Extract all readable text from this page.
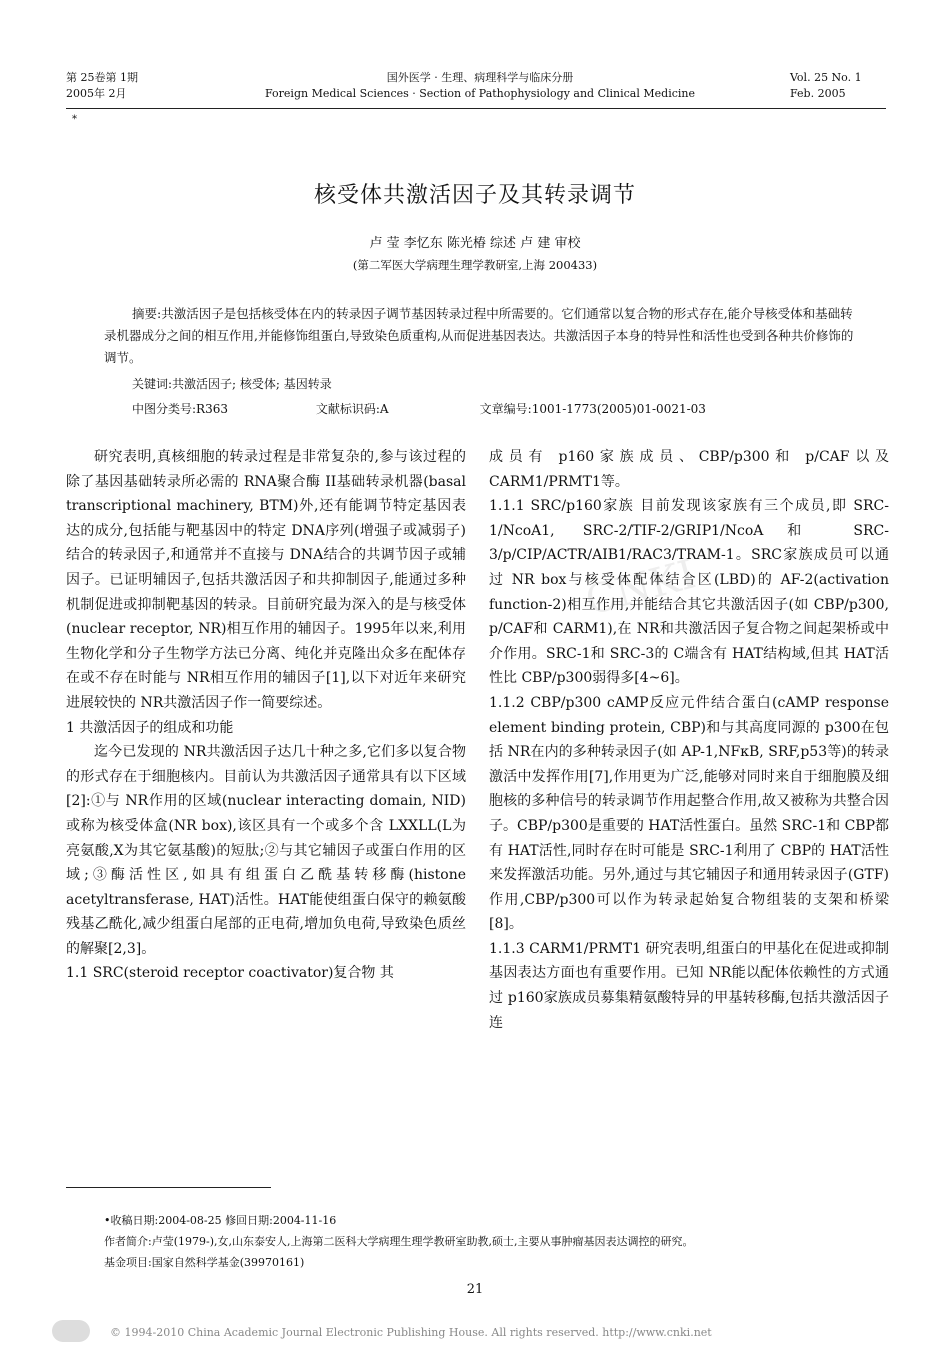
第 25卷第 1期
2005年 2月
国外医学 · 生理、病理科学与临床分册
Foreign Medical Sciences · Section of Pathophysiology and Clinical Medicine
Vol. 25 No. 1
Feb. 2005
*
CNKI
核受体共激活因子及其转录调节
卢 莹 李忆东 陈光椿 综述 卢 建 审校
(第二军医大学病理生理学教研室,上海 200433)

摘要:共激活因子是包括核受体在内的转录因子调节基因转录过程中所需要的。它们通常以复合物的形式存在,能介导核受体和基础转录机器成分之间的相互作用,并能修饰组蛋白,导致染色质重构,从而促进基因表达。共激活因子本身的特异性和活性也受到各种共价修饰的调节。

关键词:共激活因子; 核受体; 基因转录
中图分类号:R363	文献标识码:A	文章编号:1001-1773(2005)01-0021-03

研究表明,真核细胞的转录过程是非常复杂的,参与该过程的除了基因基础转录所必需的 RNA聚合酶 II基础转录机器(basal transcriptional machinery, BTM)外,还有能调节特定基因表达的成分,包括能与靶基因中的特定 DNA序列(增强子或减弱子)结合的转录因子,和通常并不直接与 DNA结合的共调节因子或辅因子。已证明辅因子,包括共激活因子和共抑制因子,能通过多种机制促进或抑制靶基因的转录。目前研究最为深入的是与核受体(nuclear receptor, NR)相互作用的辅因子。1995年以来,利用生物化学和分子生物学方法已分离、纯化并克隆出众多在配体存在或不存在时能与 NR相互作用的辅因子[1],以下对近年来研究进展较快的 NR共激活因子作一简要综述。

1 共激活因子的组成和功能

迄今已发现的 NR共激活因子达几十种之多,它们多以复合物的形式存在于细胞核内。目前认为共激活因子通常具有以下区域[2]:①与 NR作用的区域(nuclear interacting domain, NID)或称为核受体盒(NR box),该区具有一个或多个含 LXXLL(L为亮氨酸,X为其它氨基酸)的短肽;②与其它辅因子或蛋白作用的区域;③酶活性区,如具有组蛋白乙酰基转移酶(histone acetyltransferase, HAT)活性。HAT能使组蛋白保守的赖氨酸残基乙酰化,减少组蛋白尾部的正电荷,增加负电荷,导致染色质丝的解聚[2,3]。

1.1 SRC(steroid receptor coactivator)复合物 其

成员有 p160家族成员、CBP/p300和 p/CAF以及 CARM1/PRMT1等。

1.1.1 SRC/p160家族 目前发现该家族有三个成员,即 SRC-1/NcoA1, SRC-2/TIF-2/GRIP1/NcoA和 SRC-3/p/CIP/ACTR/AIB1/RAC3/TRAM-1。SRC家族成员可以通过 NR box与核受体配体结合区(LBD)的 AF-2(activation function-2)相互作用,并能结合其它共激活因子(如 CBP/p300, p/CAF和 CARM1),在 NR和共激活因子复合物之间起架桥或中介作用。SRC-1和 SRC-3的 C端含有 HAT结构域,但其 HAT活性比 CBP/p300弱得多[4~6]。

1.1.2 CBP/p300 cAMP反应元件结合蛋白(cAMP response element binding protein, CBP)和与其高度同源的 p300在包括 NR在内的多种转录因子(如 AP-1,NFκB, SRF,p53等)的转录激活中发挥作用[7],作用更为广泛,能够对同时来自于细胞膜及细胞核的多种信号的转录调节作用起整合作用,故又被称为共整合因子。CBP/p300是重要的 HAT活性蛋白。虽然 SRC-1和 CBP都有 HAT活性,同时存在时可能是 SRC-1利用了 CBP的 HAT活性来发挥激活功能。另外,通过与其它辅因子和通用转录因子(GTF)作用,CBP/p300可以作为转录起始复合物组装的支架和桥梁[8]。

1.1.3 CARM1/PRMT1 研究表明,组蛋白的甲基化在促进或抑制基因表达方面也有重要作用。已知 NR能以配体依赖性的方式通过 p160家族成员募集精氨酸特异的甲基转移酶,包括共激活因子连

•收稿日期:2004-08-25 修回日期:2004-11-16
作者简介:卢莹(1979-),女,山东泰安人,上海第二医科大学病理生理学教研室助教,硕士,主要从事肿瘤基因表达调控的研究。
基金项目:国家自然科学基金(39970161)
21
© 1994-2010 China Academic Journal Electronic Publishing House. All rights reserved. http://www.cnki.net
